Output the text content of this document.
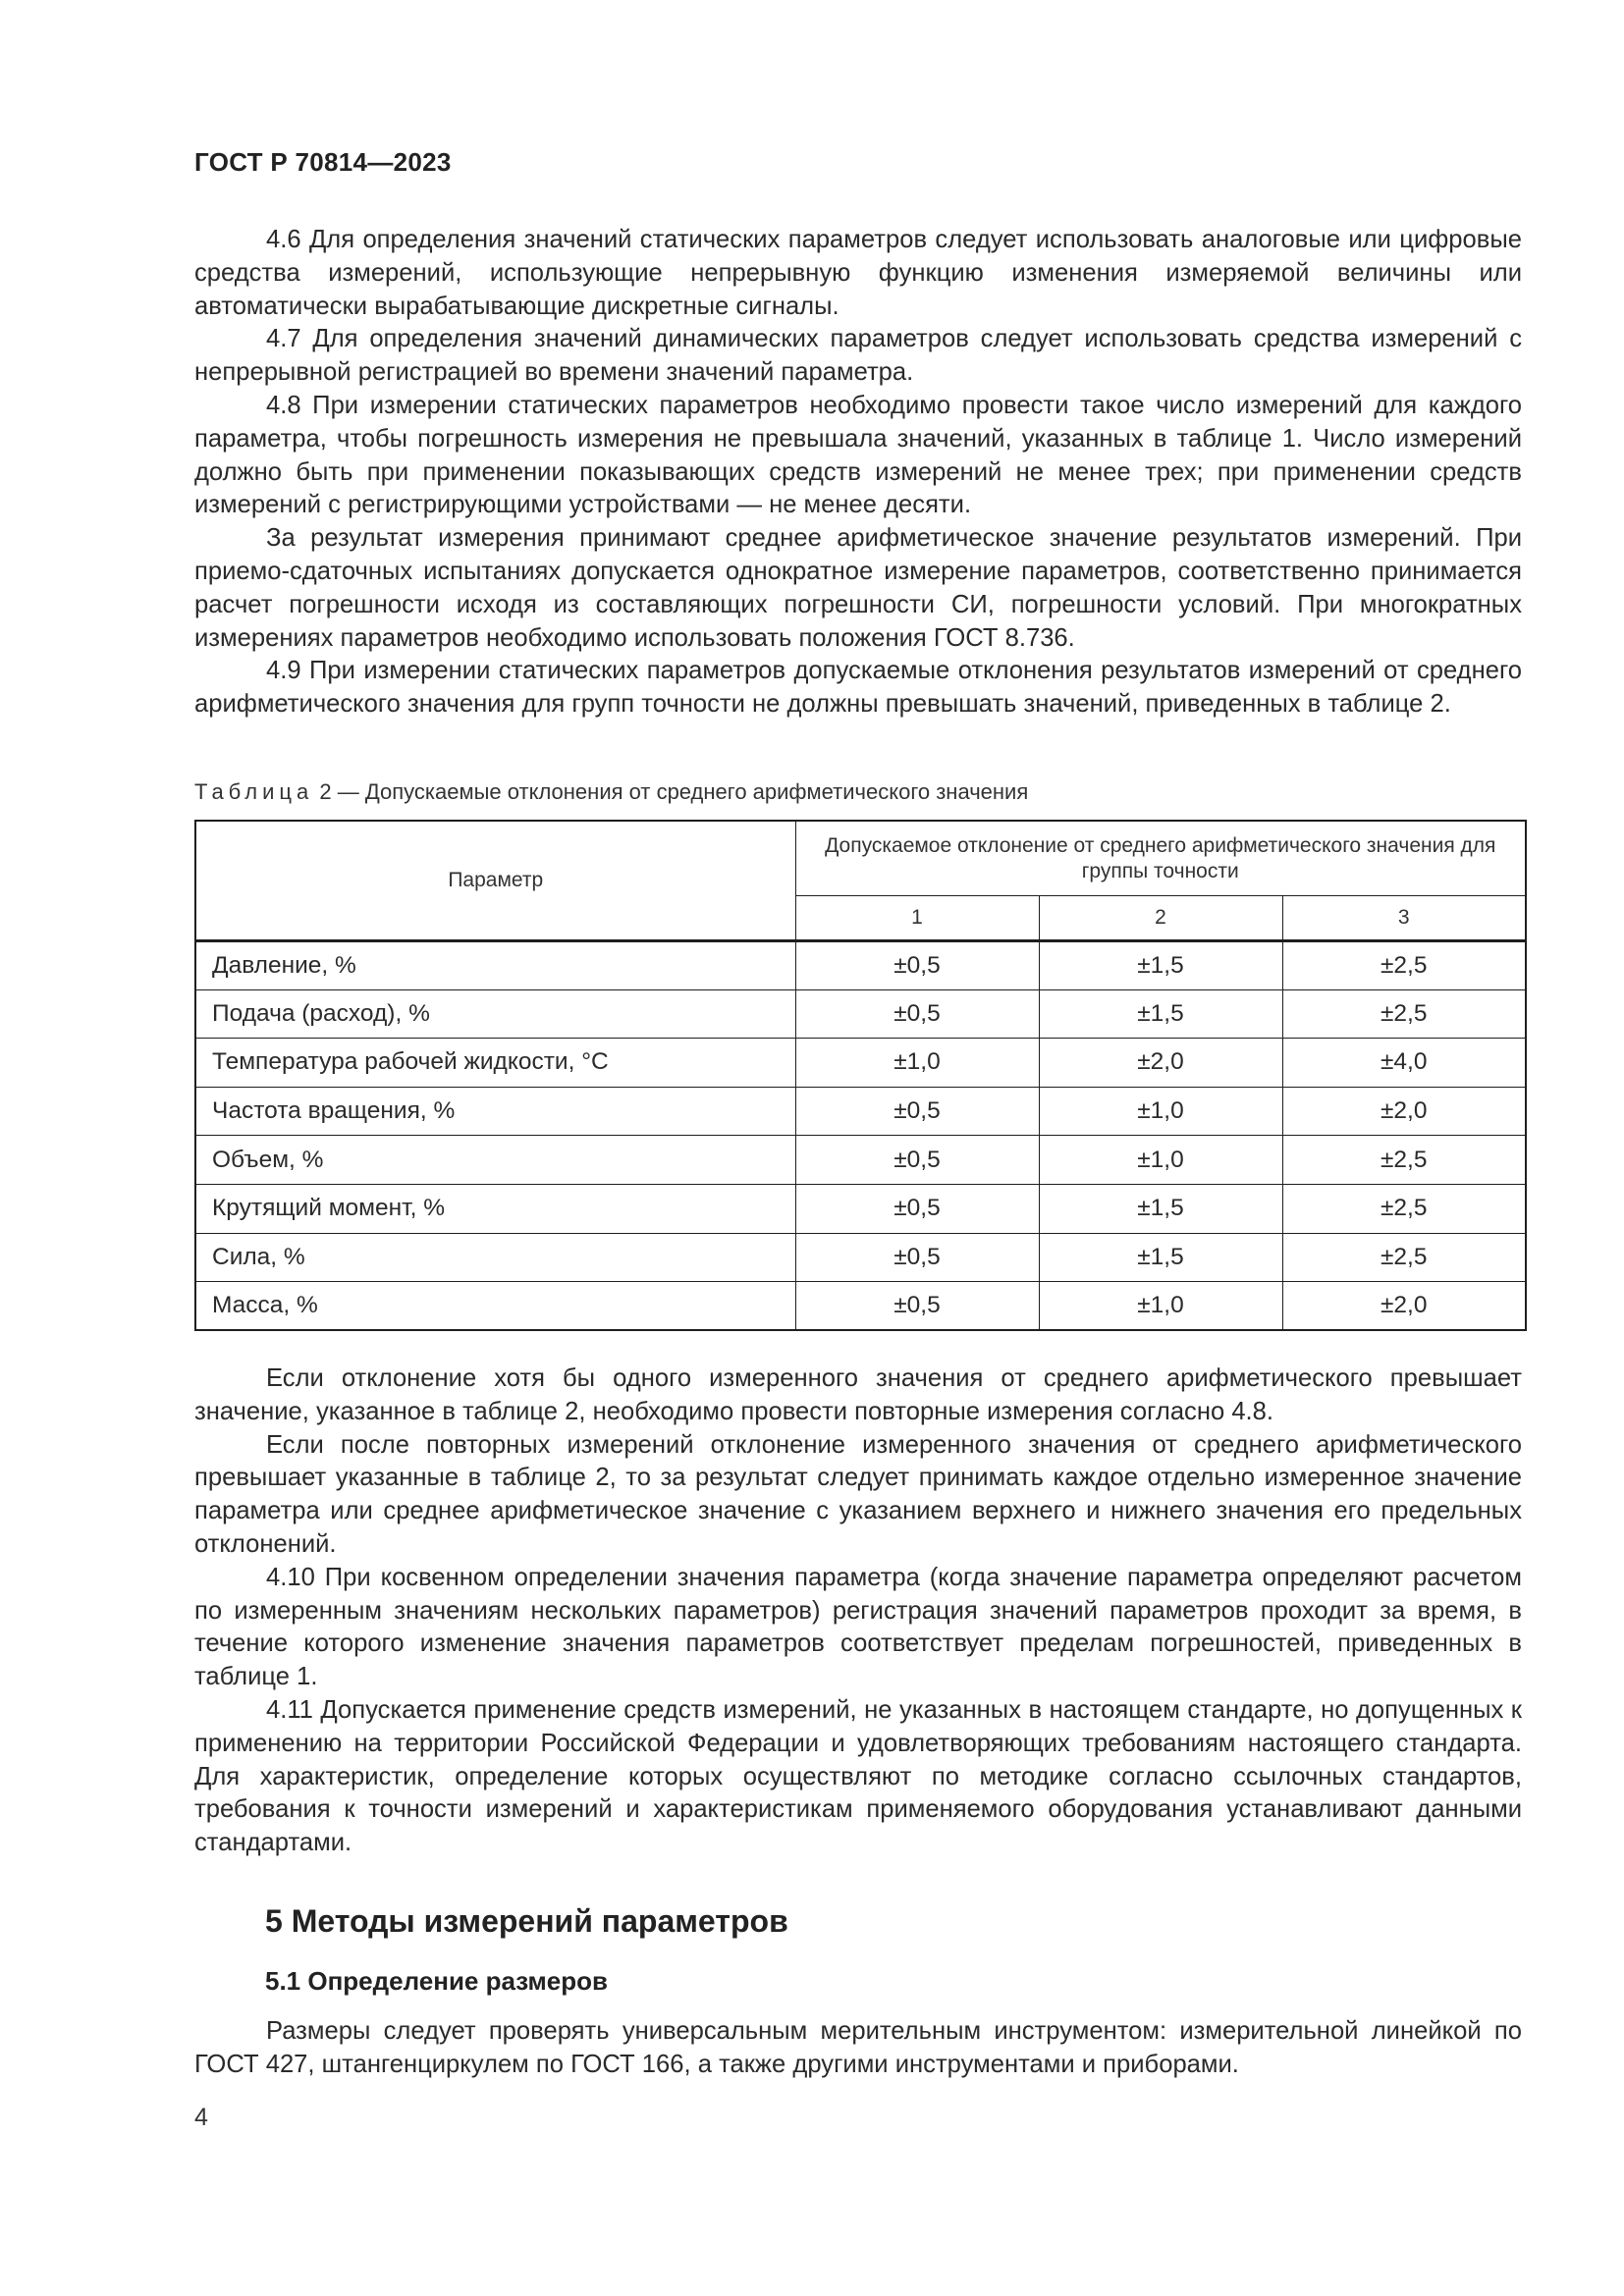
ГОСТ Р 70814—2023

4.6 Для определения значений статических параметров следует использовать аналоговые или цифровые средства измерений, использующие непрерывную функцию изменения измеряемой величины или автоматически вырабатывающие дискретные сигналы.

4.7 Для определения значений динамических параметров следует использовать средства измерений с непрерывной регистрацией во времени значений параметра.

4.8 При измерении статических параметров необходимо провести такое число измерений для каждого параметра, чтобы погрешность измерения не превышала значений, указанных в таблице 1. Число измерений должно быть при применении показывающих средств измерений не менее трех; при применении средств измерений с регистрирующими устройствами — не менее десяти.

За результат измерения принимают среднее арифметическое значение результатов измерений. При приемо-сдаточных испытаниях допускается однократное измерение параметров, соответственно принимается расчет погрешности исходя из составляющих погрешности СИ, погрешности условий. При многократных измерениях параметров необходимо использовать положения ГОСТ 8.736.

4.9 При измерении статических параметров допускаемые отклонения результатов измерений от среднего арифметического значения для групп точности не должны превышать значений, приведенных в таблице 2.

Таблица 2 — Допускаемые отклонения от среднего арифметического значения
Параметр	Допускаемое отклонение от среднего арифметического значения для группы точности		
	1	2	3
Давление, %	±0,5	±1,5	±2,5
Подача (расход), %	±0,5	±1,5	±2,5
Температура рабочей жидкости, °С	±1,0	±2,0	±4,0
Частота вращения, %	±0,5	±1,0	±2,0
Объем, %	±0,5	±1,0	±2,5
Крутящий момент, %	±0,5	±1,5	±2,5
Сила, %	±0,5	±1,5	±2,5
Масса, %	±0,5	±1,0	±2,0

Если отклонение хотя бы одного измеренного значения от среднего арифметического превышает значение, указанное в таблице 2, необходимо провести повторные измерения согласно 4.8.

Если после повторных измерений отклонение измеренного значения от среднего арифметического превышает указанные в таблице 2, то за результат следует принимать каждое отдельно измеренное значение параметра или среднее арифметическое значение с указанием верхнего и нижнего значения его предельных отклонений.

4.10 При косвенном определении значения параметра (когда значение параметра определяют расчетом по измеренным значениям нескольких параметров) регистрация значений параметров проходит за время, в течение которого изменение значения параметров соответствует пределам погрешностей, приведенных в таблице 1.

4.11 Допускается применение средств измерений, не указанных в настоящем стандарте, но допущенных к применению на территории Российской Федерации и удовлетворяющих требованиям настоящего стандарта. Для характеристик, определение которых осуществляют по методике согласно ссылочных стандартов, требования к точности измерений и характеристикам применяемого оборудования устанавливают данными стандартами.

5 Методы измерений параметров
5.1 Определение размеров

Размеры следует проверять универсальным мерительным инструментом: измерительной линейкой по ГОСТ 427, штангенциркулем по ГОСТ 166, а также другими инструментами и приборами.

4
